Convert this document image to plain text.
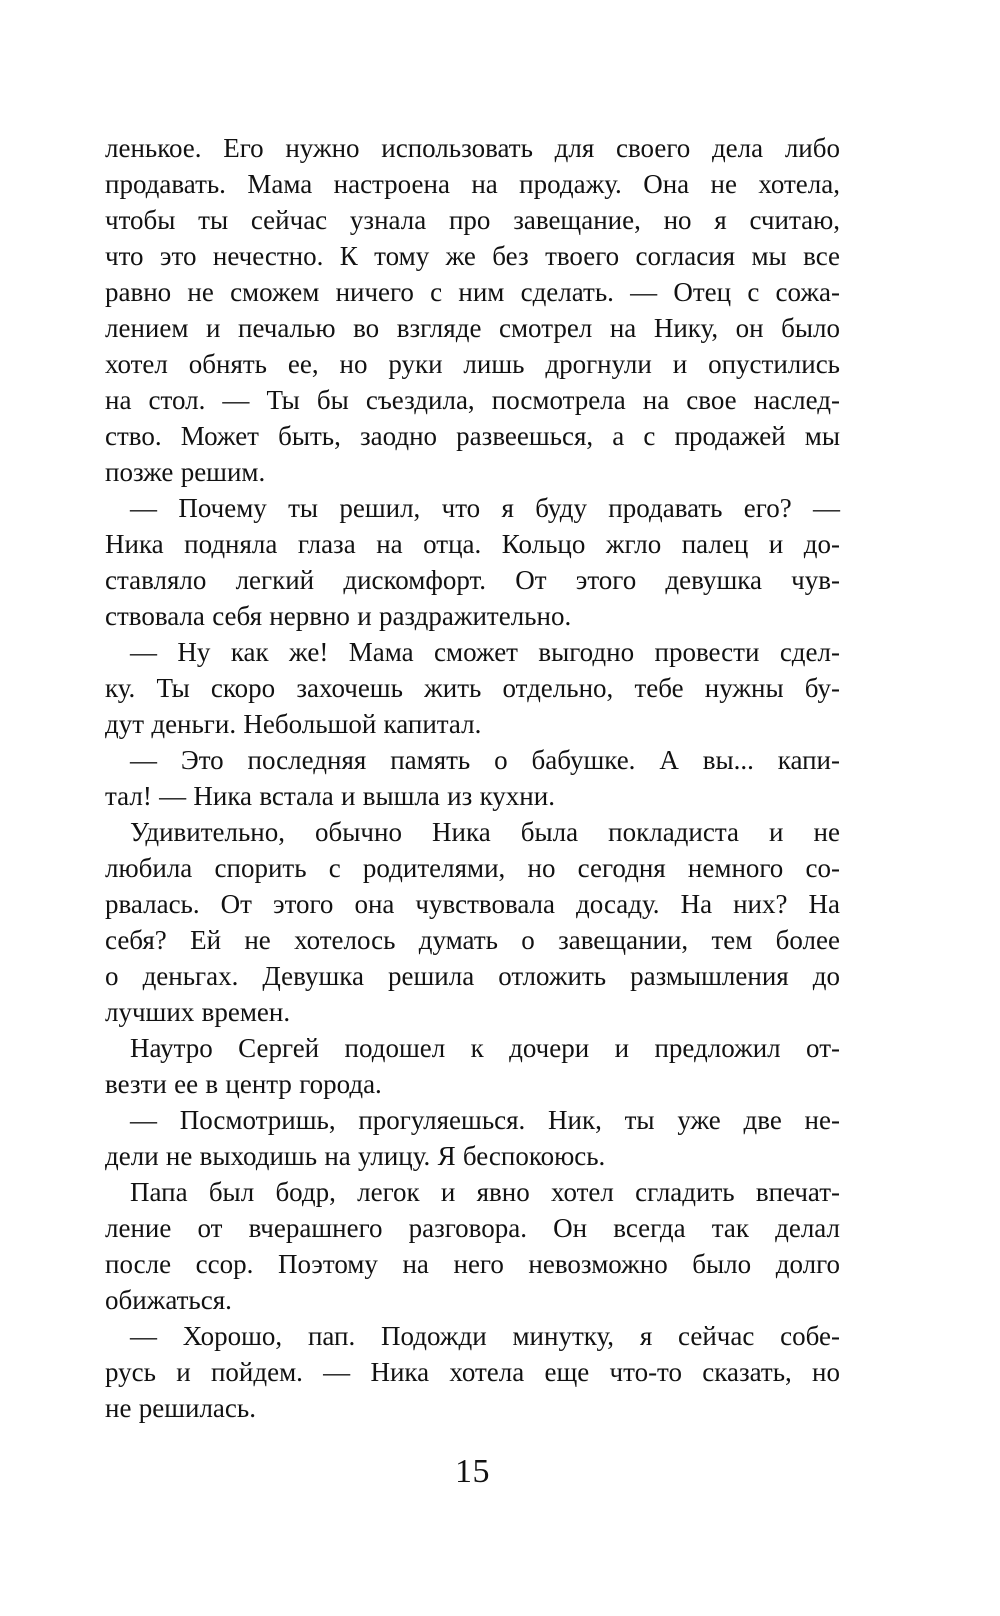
ленькое. Его нужно использовать для своего дела либо
продавать. Мама настроена на продажу. Она не хотела,
чтобы ты сейчас узнала про завещание, но я считаю,
что это нечестно. К тому же без твоего согласия мы все
равно не сможем ничего с ним сделать. — Отец с сожа-
лением и печалью во взгляде смотрел на Нику, он было
хотел обнять ее, но руки лишь дрогнули и опустились
на стол. — Ты бы съездила, посмотрела на свое наслед-
ство. Может быть, заодно развеешься, а с продажей мы
позже решим.

— Почему ты решил, что я буду продавать его? —
Ника подняла глаза на отца. Кольцо жгло палец и до-
ставляло легкий дискомфорт. От этого девушка чув-
ствовала себя нервно и раздражительно.

— Ну как же! Мама сможет выгодно провести сдел-
ку. Ты скоро захочешь жить отдельно, тебе нужны бу-
дут деньги. Небольшой капитал.

— Это последняя память о бабушке. А вы... капи-
тал! — Ника встала и вышла из кухни.

Удивительно, обычно Ника была покладиста и не
любила спорить с родителями, но сегодня немного со-
рвалась. От этого она чувствовала досаду. На них? На
себя? Ей не хотелось думать о завещании, тем более
о деньгах. Девушка решила отложить размышления до
лучших времен.

Наутро Сергей подошел к дочери и предложил от-
везти ее в центр города.

— Посмотришь, прогуляешься. Ник, ты уже две не-
дели не выходишь на улицу. Я беспокоюсь.

Папа был бодр, легок и явно хотел сгладить впечат-
ление от вчерашнего разговора. Он всегда так делал
после ссор. Поэтому на него невозможно было долго
обижаться.

— Хорошо, пап. Подожди минутку, я сейчас собе-
русь и пойдем. — Ника хотела еще что-то сказать, но
не решилась.

15
